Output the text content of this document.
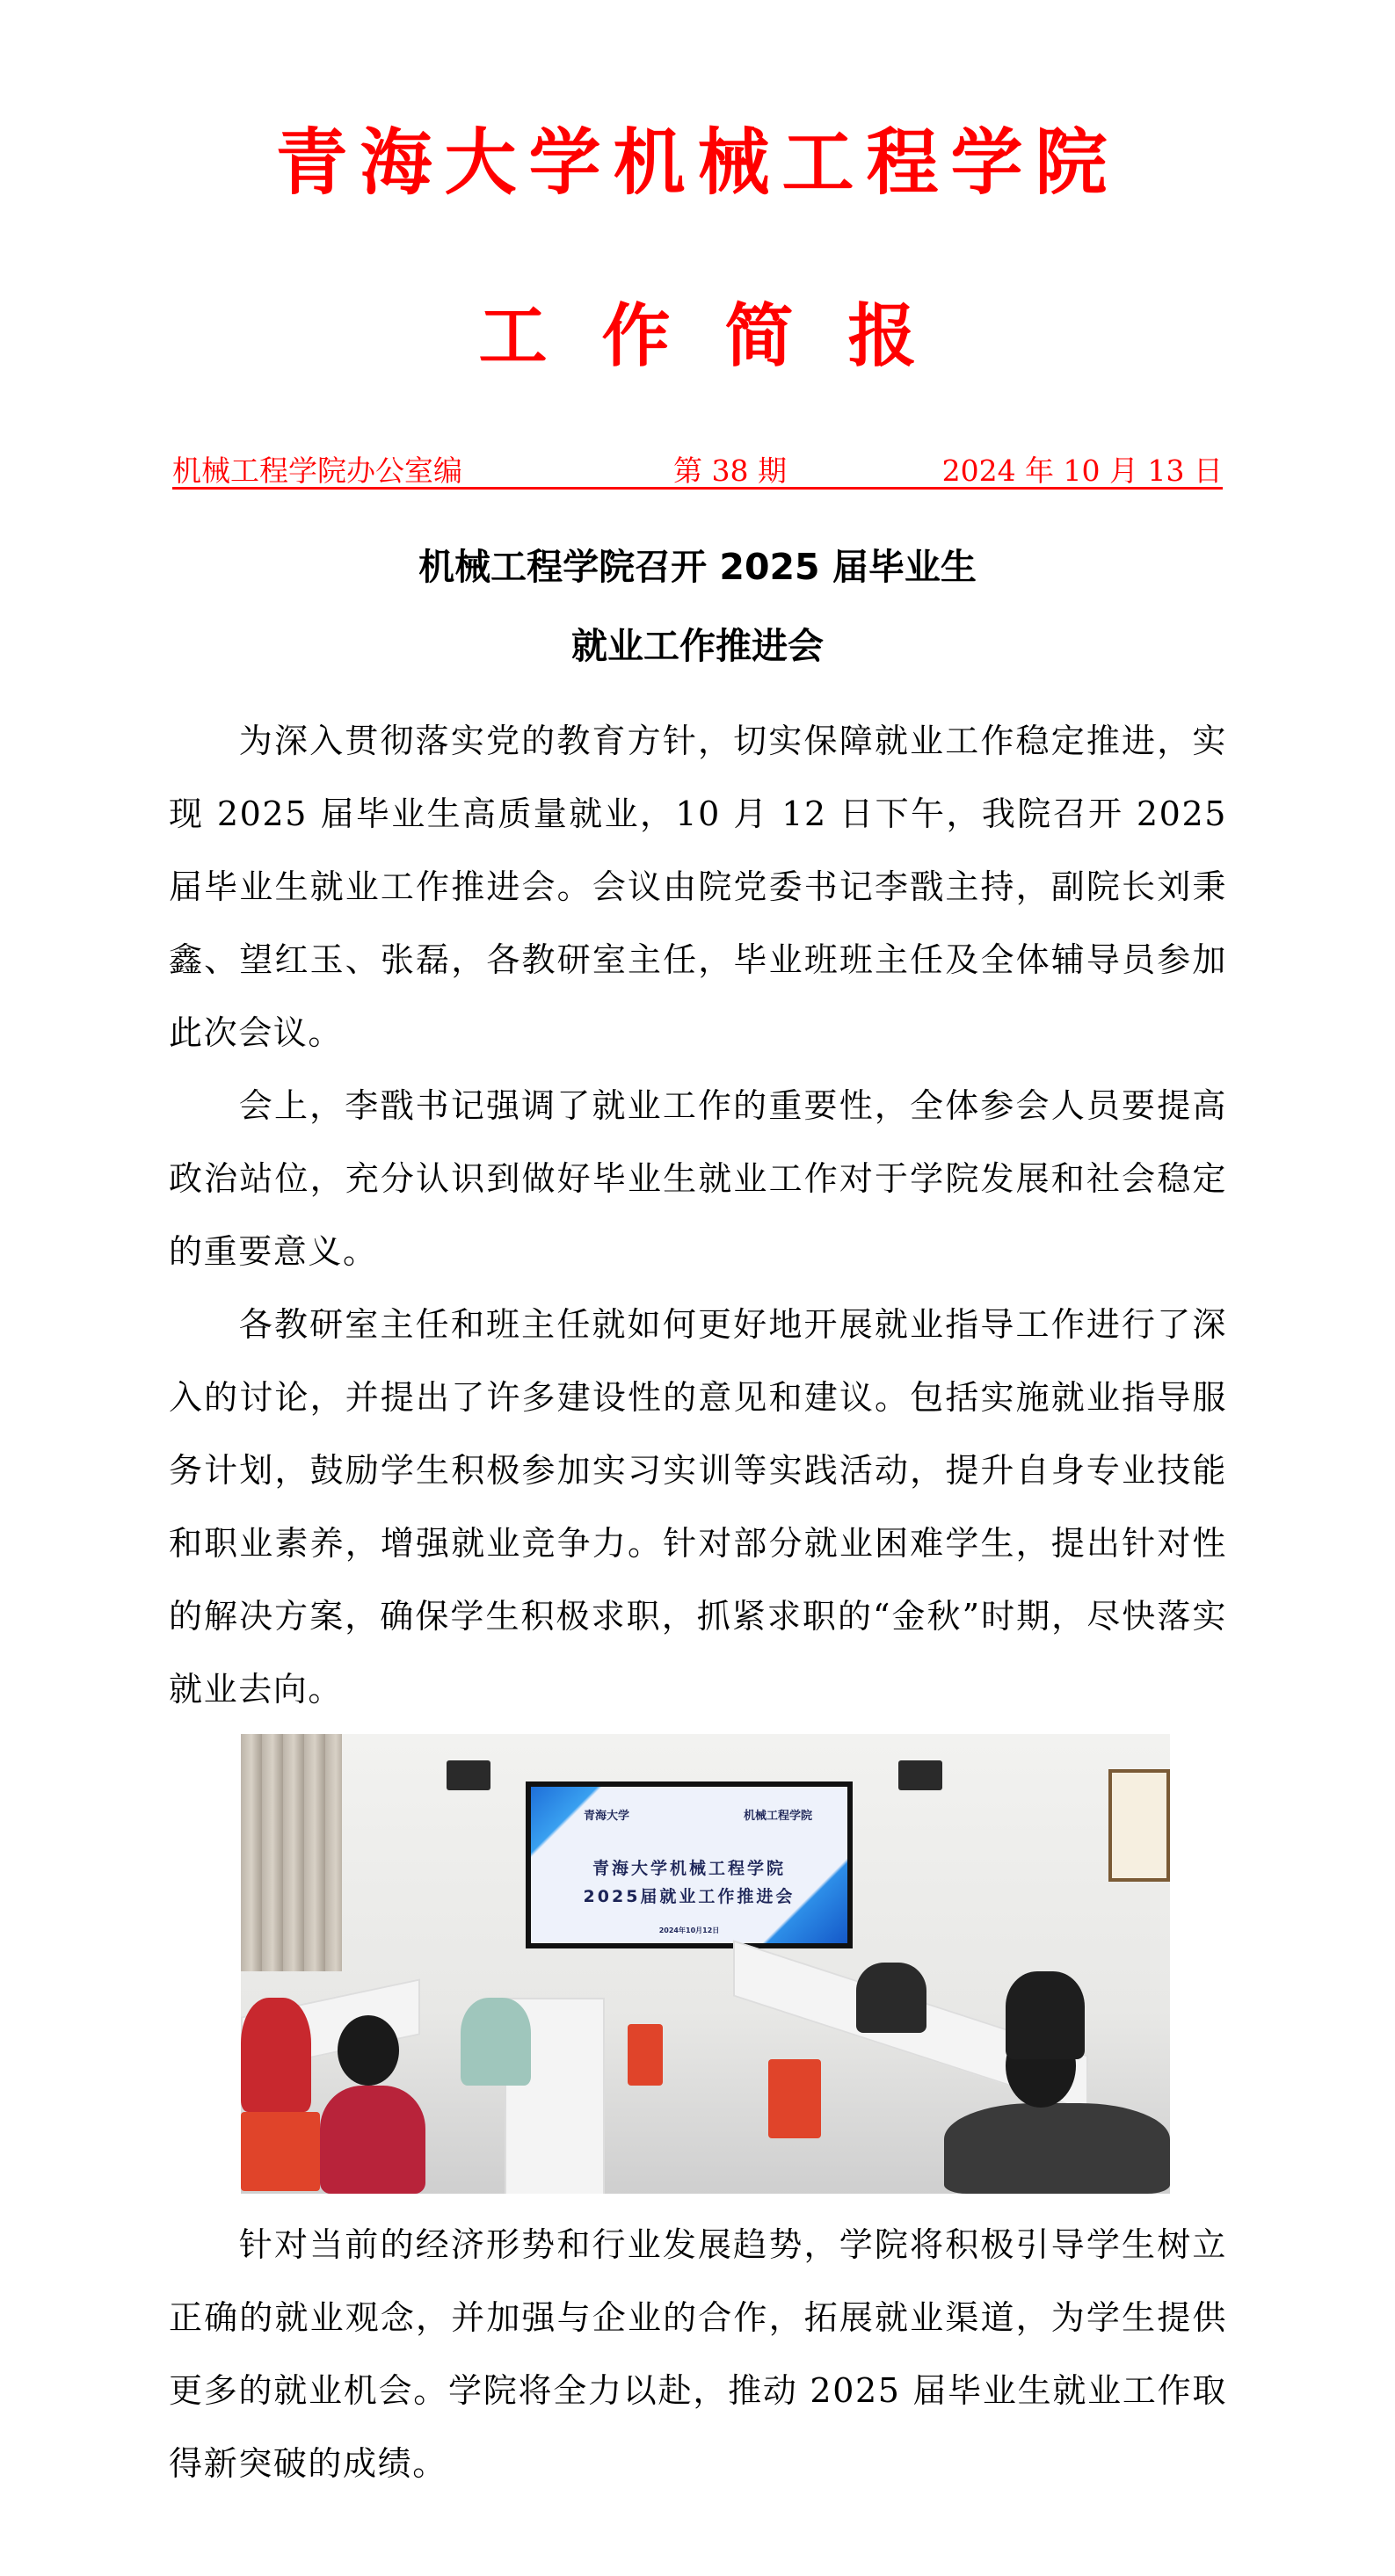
青海大学机械工程学院
工作简报
机械工程学院办公室编	第 38 期	2024 年 10 月 13 日
机械工程学院召开 2025 届毕业生
就业工作推进会

为深入贯彻落实党的教育方针，切实保障就业工作稳定推进，实现 2025 届毕业生高质量就业，10 月 12 日下午，我院召开 2025 届毕业生就业工作推进会。会议由院党委书记李戬主持，副院长刘秉鑫、望红玉、张磊，各教研室主任，毕业班班主任及全体辅导员参加此次会议。

会上，李戬书记强调了就业工作的重要性，全体参会人员要提高政治站位，充分认识到做好毕业生就业工作对于学院发展和社会稳定的重要意义。

各教研室主任和班主任就如何更好地开展就业指导工作进行了深入的讨论，并提出了许多建设性的意见和建议。包括实施就业指导服务计划，鼓励学生积极参加实习实训等实践活动，提升自身专业技能和职业素养，增强就业竞争力。针对部分就业困难学生，提出针对性的解决方案，确保学生积极求职，抓紧求职的“金秋”时期，尽快落实就业去向。

青海大学	机械工程学院
青海大学机械工程学院
2025届就业工作推进会
2024年10月12日

针对当前的经济形势和行业发展趋势，学院将积极引导学生树立正确的就业观念，并加强与企业的合作，拓展就业渠道，为学生提供更多的就业机会。学院将全力以赴，推动 2025 届毕业生就业工作取得新突破的成绩。
